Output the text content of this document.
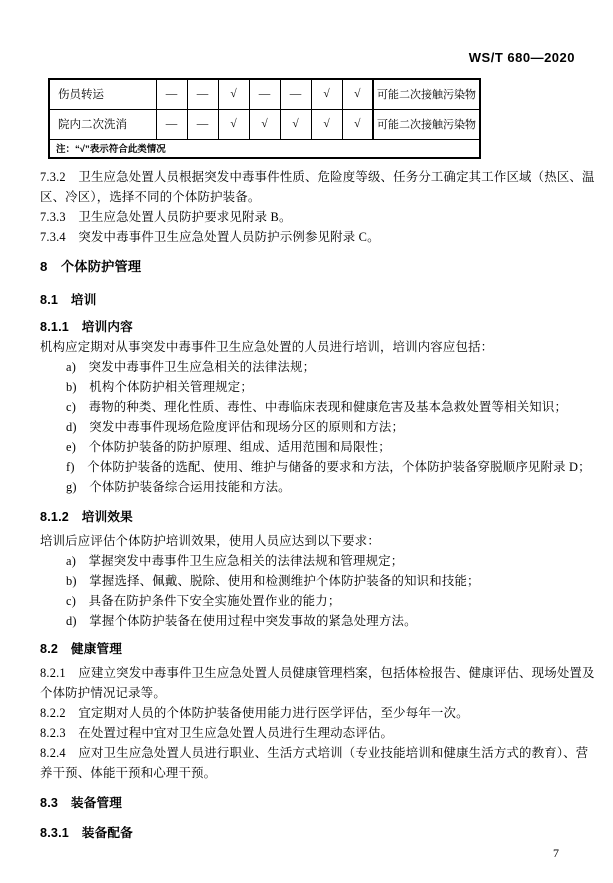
WS/T 680—2020
伤员转运	—	—	√	—	—	√	√	可能二次接触污染物
院内二次洗消	—	—	√	√	√	√	√	可能二次接触污染物
注：“√”表示符合此类情况								
7.3.2　卫生应急处置人员根据突发中毒事件性质、危险度等级、任务分工确定其工作区域（热区、温
区、冷区），选择不同的个体防护装备。
7.3.3　卫生应急处置人员防护要求见附录 B。
7.3.4　突发中毒事件卫生应急处置人员防护示例参见附录 C。
8　个体防护管理
8.1　培训
8.1.1　培训内容
机构应定期对从事突发中毒事件卫生应急处置的人员进行培训，培训内容应包括：
a)　突发中毒事件卫生应急相关的法律法规；
b)　机构个体防护相关管理规定；
c)　毒物的种类、理化性质、毒性、中毒临床表现和健康危害及基本急救处置等相关知识；
d)　突发中毒事件现场危险度评估和现场分区的原则和方法；
e)　个体防护装备的防护原理、组成、适用范围和局限性；
f)　个体防护装备的选配、使用、维护与储备的要求和方法，个体防护装备穿脱顺序见附录 D；
g)　个体防护装备综合运用技能和方法。
8.1.2　培训效果
培训后应评估个体防护培训效果，使用人员应达到以下要求：
a)　掌握突发中毒事件卫生应急相关的法律法规和管理规定；
b)　掌握选择、佩戴、脱除、使用和检测维护个体防护装备的知识和技能；
c)　具备在防护条件下安全实施处置作业的能力；
d)　掌握个体防护装备在使用过程中突发事故的紧急处理方法。
8.2　健康管理
8.2.1　应建立突发中毒事件卫生应急处置人员健康管理档案，包括体检报告、健康评估、现场处置及
个体防护情况记录等。
8.2.2　宜定期对人员的个体防护装备使用能力进行医学评估，至少每年一次。
8.2.3　在处置过程中宜对卫生应急处置人员进行生理动态评估。
8.2.4　应对卫生应急处置人员进行职业、生活方式培训（专业技能培训和健康生活方式的教育）、营
养干预、体能干预和心理干预。
8.3　装备管理
8.3.1　装备配备
7
